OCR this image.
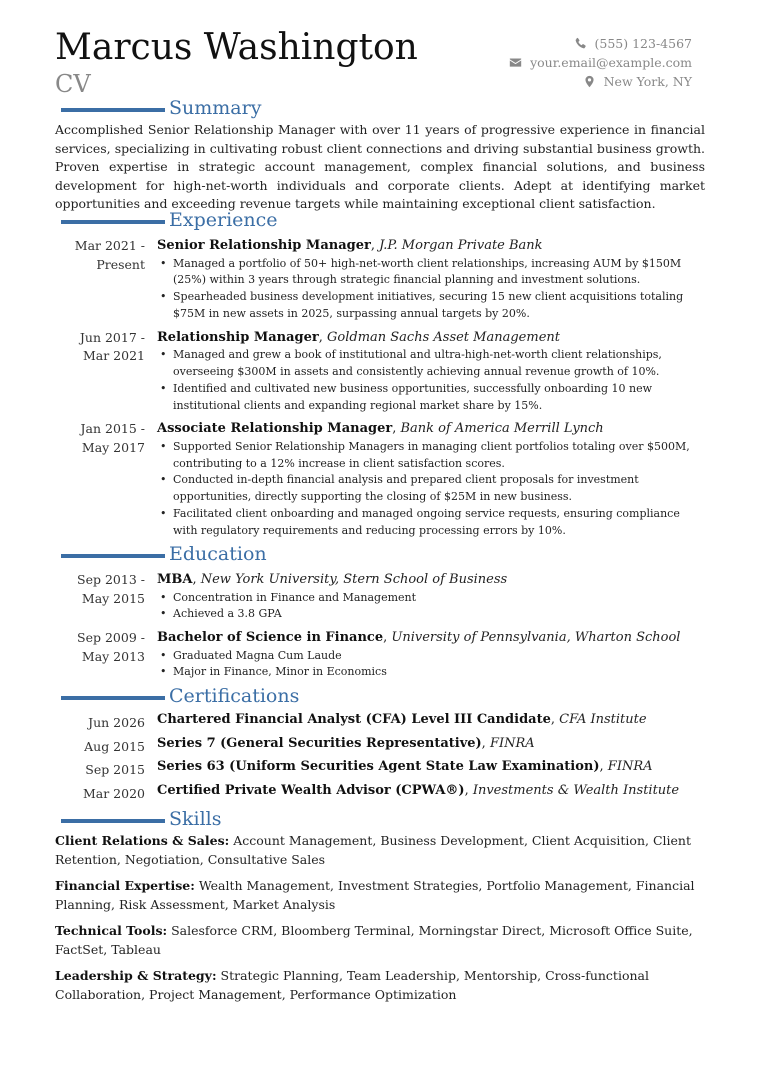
Marcus Washington
CV
(555) 123-4567
your.email@example.com
New York, NY
Summary

Accomplished Senior Relationship Manager with over 11 years of progressive experience in financial services, specializing in cultivating robust client connections and driving substantial business growth. Proven expertise in strategic account management, complex financial solutions, and business development for high-net-worth individuals and corporate clients. Adept at identifying market opportunities and exceeding revenue targets while maintaining exceptional client satisfaction.

Experience
Mar 2021 - Present
Senior Relationship Manager, J.P. Morgan Private Bank
• Managed a portfolio of 50+ high-net-worth client relationships, increasing AUM by $150M (25%) within 3 years through strategic financial planning and investment solutions.
• Spearheaded business development initiatives, securing 15 new client acquisitions totaling $75M in new assets in 2025, surpassing annual targets by 20%.
Jun 2017 - Mar 2021
Relationship Manager, Goldman Sachs Asset Management
• Managed and grew a book of institutional and ultra-high-net-worth client relationships, overseeing $300M in assets and consistently achieving annual revenue growth of 10%.
• Identified and cultivated new business opportunities, successfully onboarding 10 new institutional clients and expanding regional market share by 15%.
Jan 2015 - May 2017
Associate Relationship Manager, Bank of America Merrill Lynch
• Supported Senior Relationship Managers in managing client portfolios totaling over $500M, contributing to a 12% increase in client satisfaction scores.
• Conducted in-depth financial analysis and prepared client proposals for investment opportunities, directly supporting the closing of $25M in new business.
• Facilitated client onboarding and managed ongoing service requests, ensuring compliance with regulatory requirements and reducing processing errors by 10%.
Education
Sep 2013 - May 2015
MBA, New York University, Stern School of Business
• Concentration in Finance and Management
• Achieved a 3.8 GPA
Sep 2009 - May 2013
Bachelor of Science in Finance, University of Pennsylvania, Wharton School
• Graduated Magna Cum Laude
• Major in Finance, Minor in Economics
Certifications
Jun 2026 Chartered Financial Analyst (CFA) Level III Candidate, CFA Institute
Aug 2015 Series 7 (General Securities Representative), FINRA
Sep 2015 Series 63 (Uniform Securities Agent State Law Examination), FINRA
Mar 2020 Certified Private Wealth Advisor (CPWA®), Investments & Wealth Institute
Skills

Client Relations & Sales: Account Management, Business Development, Client Acquisition, Client Retention, Negotiation, Consultative Sales

Financial Expertise: Wealth Management, Investment Strategies, Portfolio Management, Financial Planning, Risk Assessment, Market Analysis

Technical Tools: Salesforce CRM, Bloomberg Terminal, Morningstar Direct, Microsoft Office Suite, FactSet, Tableau

Leadership & Strategy: Strategic Planning, Team Leadership, Mentorship, Cross-functional Collaboration, Project Management, Performance Optimization
